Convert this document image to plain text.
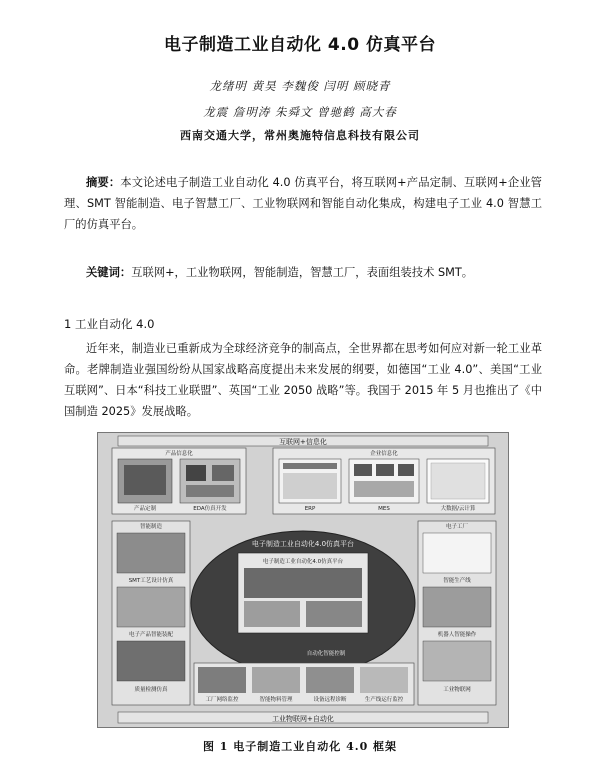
电子制造工业自动化 4.0 仿真平台
龙绪明 黄昊 李魏俊 闫明 顾晓青
龙震 詹明涛 朱舜文 曾驰鹤 高大春
西南交通大学，常州奥施特信息科技有限公司
摘要：本文论述电子制造工业自动化 4.0 仿真平台，将互联网+产品定制、互联网+企业管理、SMT 智能制造、电子智慧工厂、工业物联网和智能自动化集成，构建电子工业 4.0 智慧工厂的仿真平台。
关键词：互联网+，工业物联网，智能制造，智慧工厂，表面组装技术 SMT。
1 工业自动化 4.0
近年来，制造业已重新成为全球经济竞争的制高点，全世界都在思考如何应对新一轮工业革命。老牌制造业强国纷纷从国家战略高度提出未来发展的纲要，如德国“工业 4.0”、美国“工业互联网”、日本“科技工业联盟”、英国“工业 2050 战略”等。我国于 2015 年 5 月也推出了《中国制造 2025》发展战略。
互联网+信息化
产品信息化
产品定制	EDA仿真开发
企业信息化
ERP	MES	大数据/云计算
智能制造
SMT工艺设计仿真
电子产品智能装配
质量检测仿真
电子工厂
智能生产线
机器人智能操作
工业物联网
电子制造工业自动化4.0仿真平台
电子制造工业自动化4.0仿真平台
自动化智能控制
工厂网络监控	智能物料管理	设备远程诊断	生产线运行监控
工业物联网+自动化
图 1 电子制造工业自动化 4.0 框架
